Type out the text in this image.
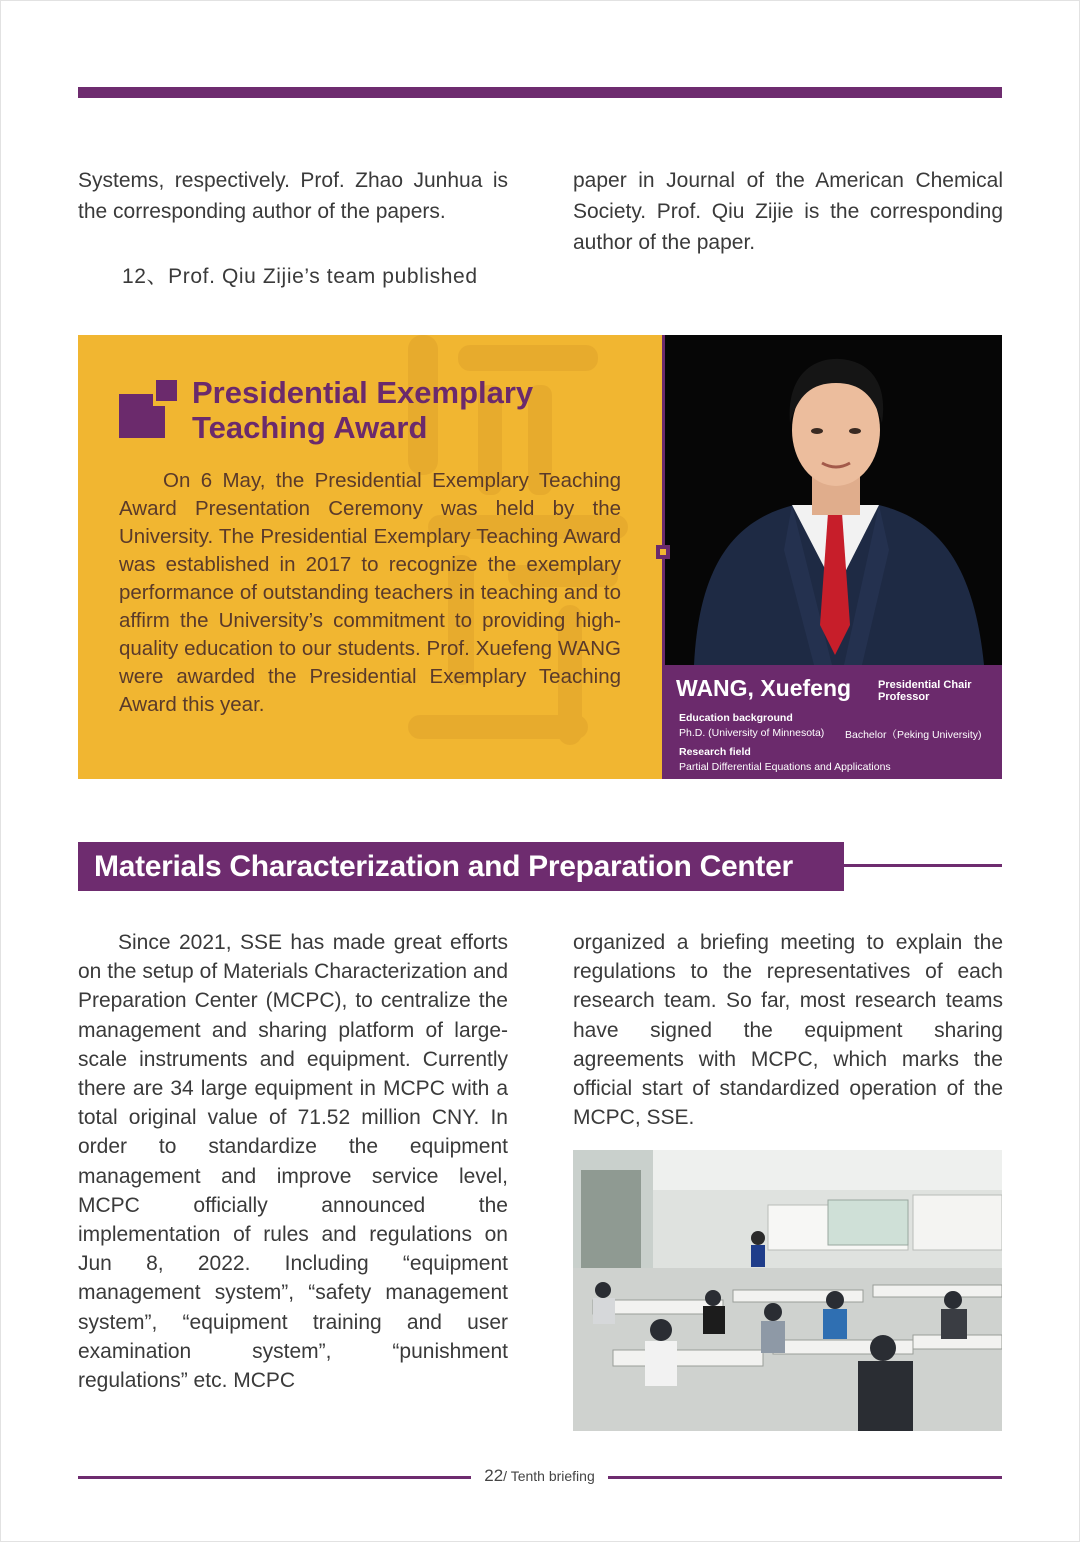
Systems, respectively. Prof. Zhao Junhua is the corresponding author of the papers.

12、Prof. Qiu Zijie’s team published

paper in Journal of the American Chemical Society. Prof. Qiu Zijie is the corresponding author of the paper.

Presidential Exemplary Teaching Award

On 6 May, the Presidential Exemplary Teaching Award Presentation Ceremony was held by the University. The Presidential Exemplary Teaching Award was established in 2017 to recognize the exemplary performance of outstanding teachers in teaching and to affirm the University’s commitment to providing high-quality education to our students. Prof. Xuefeng WANG were awarded the Presidential Exemplary Teaching Award this year.

WANG, Xuefeng Presidential Chair Professor

Education background

Ph.D. (University of Minnesota) Bachelor（Peking University)

Research field

Partial Differential Equations and Applications

Materials Characterization and Preparation Center

Since 2021, SSE has made great efforts on the setup of Materials Characterization and Preparation Center (MCPC), to centralize the management and sharing platform of large-scale instruments and equipment. Currently there are 34 large equipment in MCPC with a total original value of 71.52 million CNY. In order to standardize the equipment management and improve service level, MCPC officially announced the implementation of rules and regulations on Jun 8, 2022. Including “equipment management system”, “safety management system”, “equipment training and user examination system”, “punishment regulations” etc. MCPC

organized a briefing meeting to explain the regulations to the representatives of each research team. So far, most research teams have signed the equipment sharing agreements with MCPC, which marks the official start of standardized operation of the MCPC, SSE.

22/ Tenth briefing
